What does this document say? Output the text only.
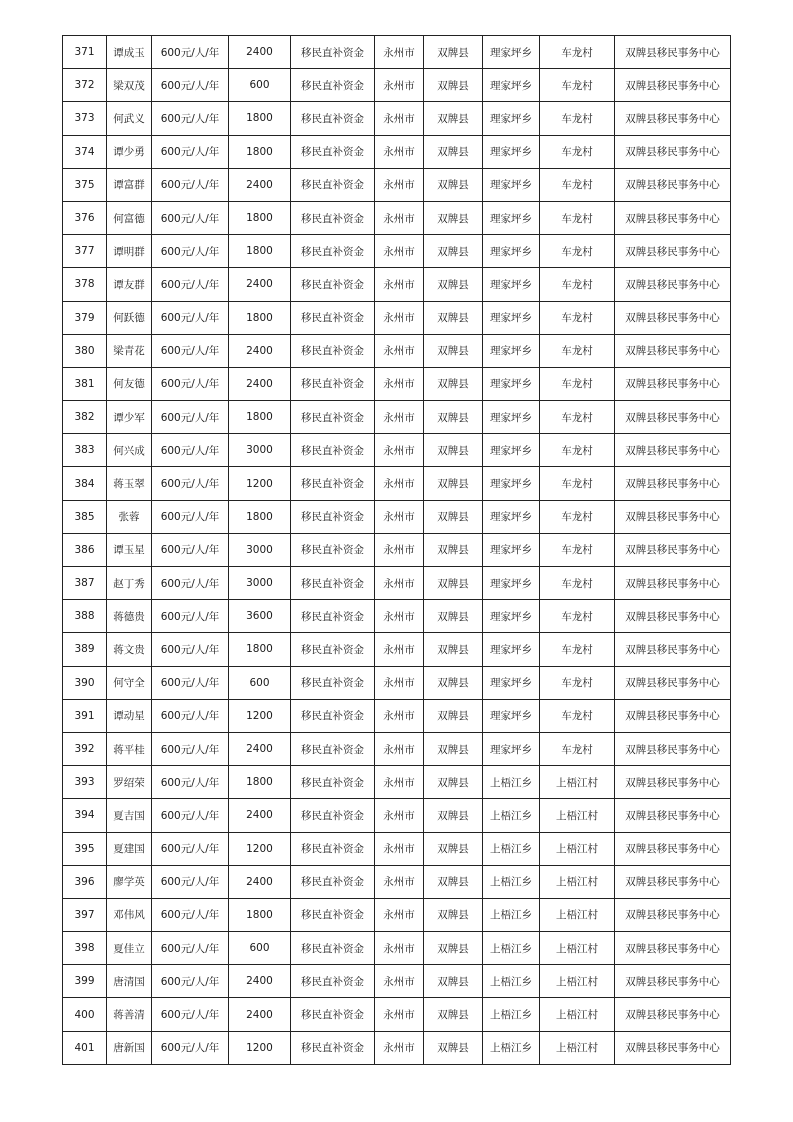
371	谭成玉	600元/人/年	2400	移民直补资金	永州市	双牌县	理家坪乡	车龙村	双牌县移民事务中心
372	梁双茂	600元/人/年	600	移民直补资金	永州市	双牌县	理家坪乡	车龙村	双牌县移民事务中心
373	何武义	600元/人/年	1800	移民直补资金	永州市	双牌县	理家坪乡	车龙村	双牌县移民事务中心
374	谭少勇	600元/人/年	1800	移民直补资金	永州市	双牌县	理家坪乡	车龙村	双牌县移民事务中心
375	谭富群	600元/人/年	2400	移民直补资金	永州市	双牌县	理家坪乡	车龙村	双牌县移民事务中心
376	何富德	600元/人/年	1800	移民直补资金	永州市	双牌县	理家坪乡	车龙村	双牌县移民事务中心
377	谭明群	600元/人/年	1800	移民直补资金	永州市	双牌县	理家坪乡	车龙村	双牌县移民事务中心
378	谭友群	600元/人/年	2400	移民直补资金	永州市	双牌县	理家坪乡	车龙村	双牌县移民事务中心
379	何跃德	600元/人/年	1800	移民直补资金	永州市	双牌县	理家坪乡	车龙村	双牌县移民事务中心
380	梁青花	600元/人/年	2400	移民直补资金	永州市	双牌县	理家坪乡	车龙村	双牌县移民事务中心
381	何友德	600元/人/年	2400	移民直补资金	永州市	双牌县	理家坪乡	车龙村	双牌县移民事务中心
382	谭少军	600元/人/年	1800	移民直补资金	永州市	双牌县	理家坪乡	车龙村	双牌县移民事务中心
383	何兴成	600元/人/年	3000	移民直补资金	永州市	双牌县	理家坪乡	车龙村	双牌县移民事务中心
384	蒋玉翠	600元/人/年	1200	移民直补资金	永州市	双牌县	理家坪乡	车龙村	双牌县移民事务中心
385	张蓉	600元/人/年	1800	移民直补资金	永州市	双牌县	理家坪乡	车龙村	双牌县移民事务中心
386	谭玉星	600元/人/年	3000	移民直补资金	永州市	双牌县	理家坪乡	车龙村	双牌县移民事务中心
387	赵丁秀	600元/人/年	3000	移民直补资金	永州市	双牌县	理家坪乡	车龙村	双牌县移民事务中心
388	蒋德贵	600元/人/年	3600	移民直补资金	永州市	双牌县	理家坪乡	车龙村	双牌县移民事务中心
389	蒋文贵	600元/人/年	1800	移民直补资金	永州市	双牌县	理家坪乡	车龙村	双牌县移民事务中心
390	何守全	600元/人/年	600	移民直补资金	永州市	双牌县	理家坪乡	车龙村	双牌县移民事务中心
391	谭动星	600元/人/年	1200	移民直补资金	永州市	双牌县	理家坪乡	车龙村	双牌县移民事务中心
392	蒋平桂	600元/人/年	2400	移民直补资金	永州市	双牌县	理家坪乡	车龙村	双牌县移民事务中心
393	罗绍荣	600元/人/年	1800	移民直补资金	永州市	双牌县	上梧江乡	上梧江村	双牌县移民事务中心
394	夏吉国	600元/人/年	2400	移民直补资金	永州市	双牌县	上梧江乡	上梧江村	双牌县移民事务中心
395	夏建国	600元/人/年	1200	移民直补资金	永州市	双牌县	上梧江乡	上梧江村	双牌县移民事务中心
396	廖学英	600元/人/年	2400	移民直补资金	永州市	双牌县	上梧江乡	上梧江村	双牌县移民事务中心
397	邓伟风	600元/人/年	1800	移民直补资金	永州市	双牌县	上梧江乡	上梧江村	双牌县移民事务中心
398	夏佳立	600元/人/年	600	移民直补资金	永州市	双牌县	上梧江乡	上梧江村	双牌县移民事务中心
399	唐清国	600元/人/年	2400	移民直补资金	永州市	双牌县	上梧江乡	上梧江村	双牌县移民事务中心
400	蒋善清	600元/人/年	2400	移民直补资金	永州市	双牌县	上梧江乡	上梧江村	双牌县移民事务中心
401	唐新国	600元/人/年	1200	移民直补资金	永州市	双牌县	上梧江乡	上梧江村	双牌县移民事务中心
